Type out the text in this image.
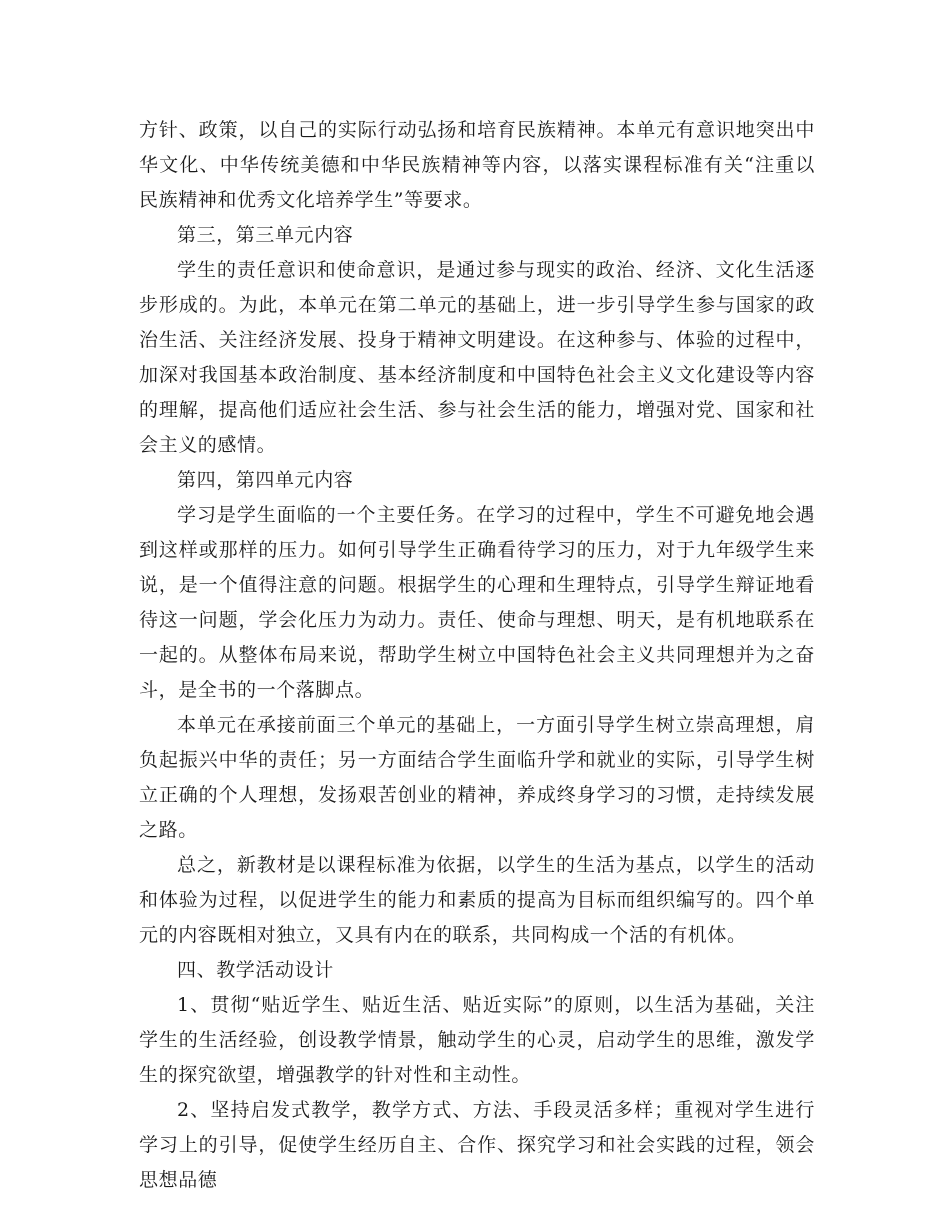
方针、政策，以自己的实际行动弘扬和培育民族精神。本单元有意识地突出中华文化、中华传统美德和中华民族精神等内容，以落实课程标准有关“注重以民族精神和优秀文化培养学生”等要求。

第三，第三单元内容

学生的责任意识和使命意识，是通过参与现实的政治、经济、文化生活逐步形成的。为此，本单元在第二单元的基础上，进一步引导学生参与国家的政治生活、关注经济发展、投身于精神文明建设。在这种参与、体验的过程中，加深对我国基本政治制度、基本经济制度和中国特色社会主义文化建设等内容的理解，提高他们适应社会生活、参与社会生活的能力，增强对党、国家和社会主义的感情。

第四，第四单元内容

学习是学生面临的一个主要任务。在学习的过程中，学生不可避免地会遇到这样或那样的压力。如何引导学生正确看待学习的压力，对于九年级学生来说，是一个值得注意的问题。根据学生的心理和生理特点，引导学生辩证地看待这一问题，学会化压力为动力。责任、使命与理想、明天，是有机地联系在一起的。从整体布局来说，帮助学生树立中国特色社会主义共同理想并为之奋斗，是全书的一个落脚点。

本单元在承接前面三个单元的基础上，一方面引导学生树立崇高理想，肩负起振兴中华的责任；另一方面结合学生面临升学和就业的实际，引导学生树立正确的个人理想，发扬艰苦创业的精神，养成终身学习的习惯，走持续发展之路。

总之，新教材是以课程标准为依据，以学生的生活为基点，以学生的活动和体验为过程，以促进学生的能力和素质的提高为目标而组织编写的。四个单元的内容既相对独立，又具有内在的联系，共同构成一个活的有机体。

四、教学活动设计

1、贯彻“贴近学生、贴近生活、贴近实际”的原则，以生活为基础，关注学生的生活经验，创设教学情景，触动学生的心灵，启动学生的思维，激发学生的探究欲望，增强教学的针对性和主动性。

2、坚持启发式教学，教学方式、方法、手段灵活多样；重视对学生进行学习上的引导，促使学生经历自主、合作、探究学习和社会实践的过程，领会思想品德
